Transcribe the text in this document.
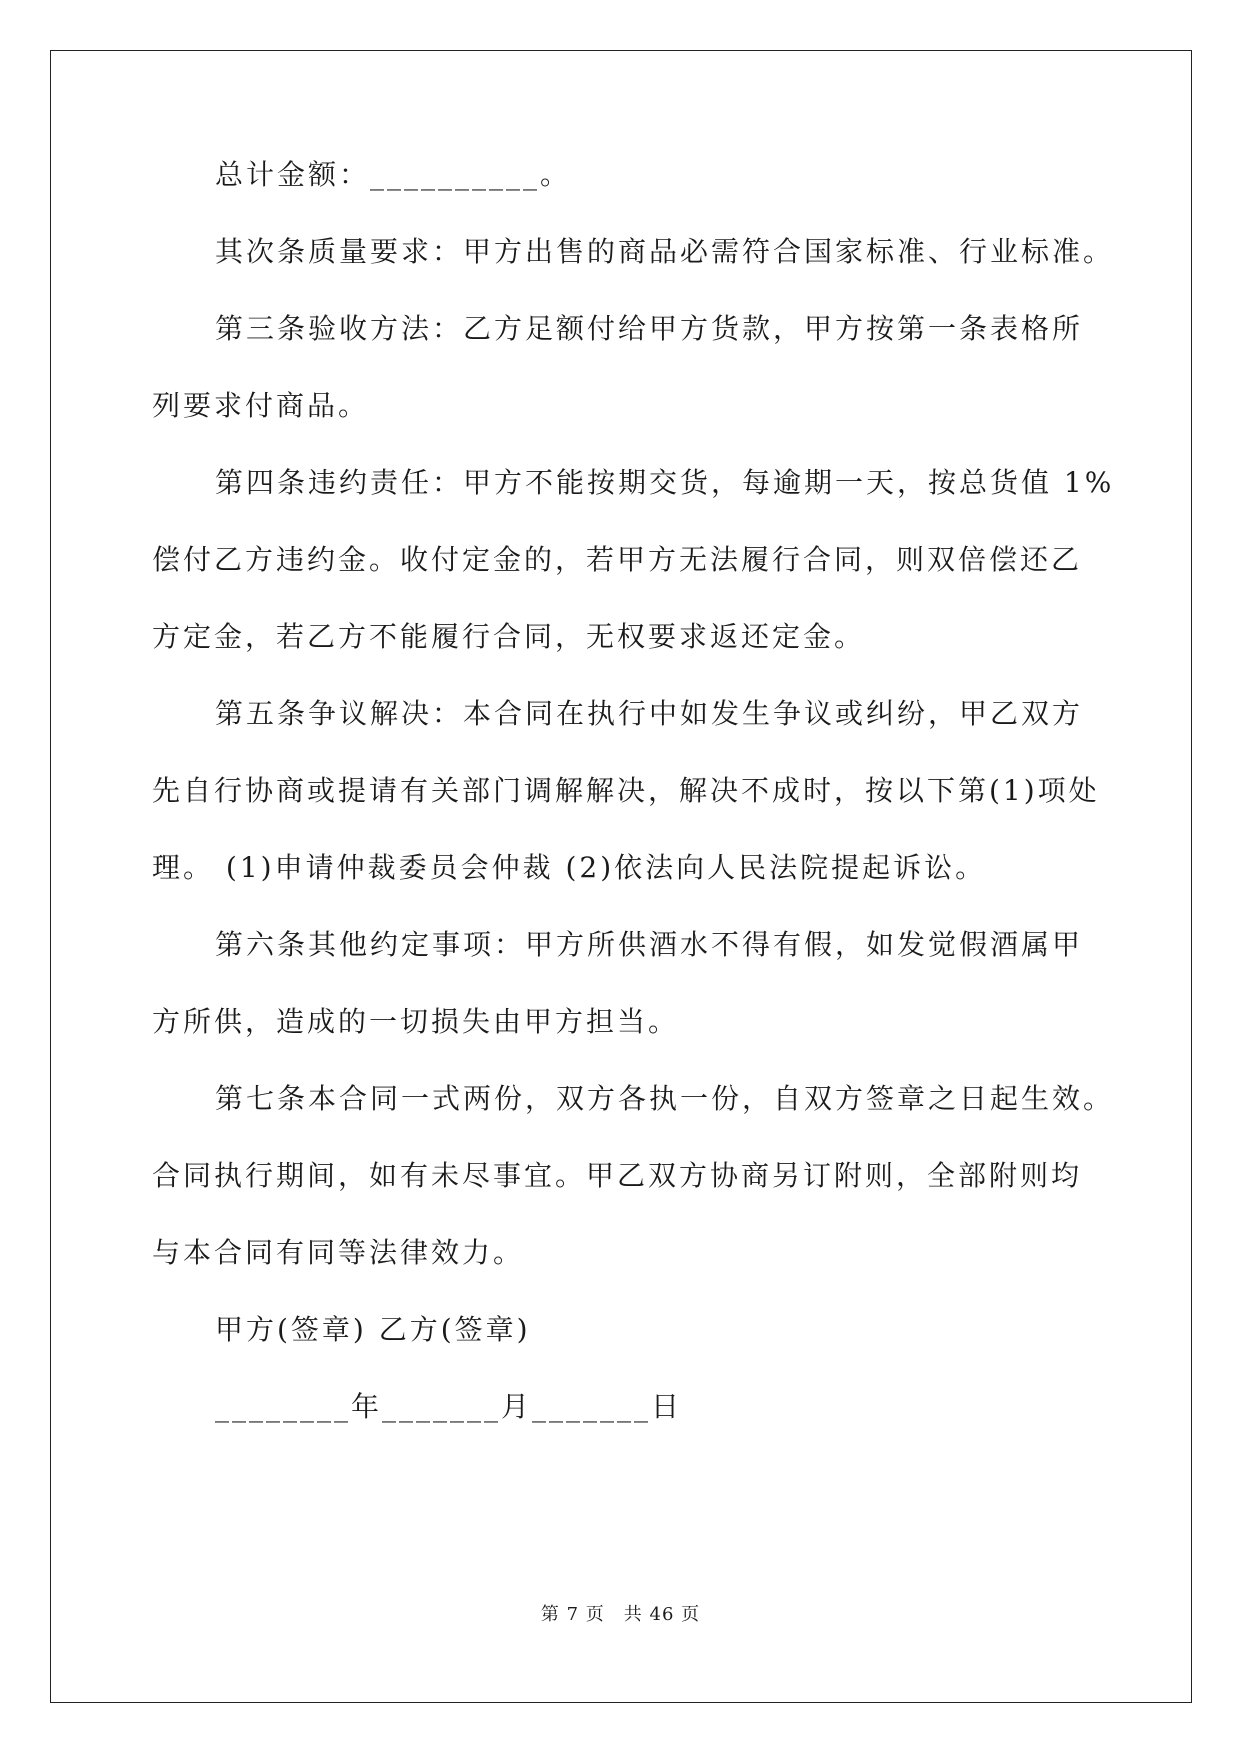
总计金额：__________。

其次条质量要求：甲方出售的商品必需符合国家标准、行业标准。

第三条验收方法：乙方足额付给甲方货款，甲方按第一条表格所

列要求付商品。

第四条违约责任：甲方不能按期交货，每逾期一天，按总货值 1%

偿付乙方违约金。收付定金的，若甲方无法履行合同，则双倍偿还乙

方定金，若乙方不能履行合同，无权要求返还定金。

第五条争议解决：本合同在执行中如发生争议或纠纷，甲乙双方

先自行协商或提请有关部门调解解决，解决不成时，按以下第(1)项处

理。 (1)申请仲裁委员会仲裁 (2)依法向人民法院提起诉讼。

第六条其他约定事项：甲方所供酒水不得有假，如发觉假酒属甲

方所供，造成的一切损失由甲方担当。

第七条本合同一式两份，双方各执一份，自双方签章之日起生效。

合同执行期间，如有未尽事宜。甲乙双方协商另订附则，全部附则均

与本合同有同等法律效力。

甲方(签章) 乙方(签章)

________年_______月_______日

第 7 页　共 46 页
